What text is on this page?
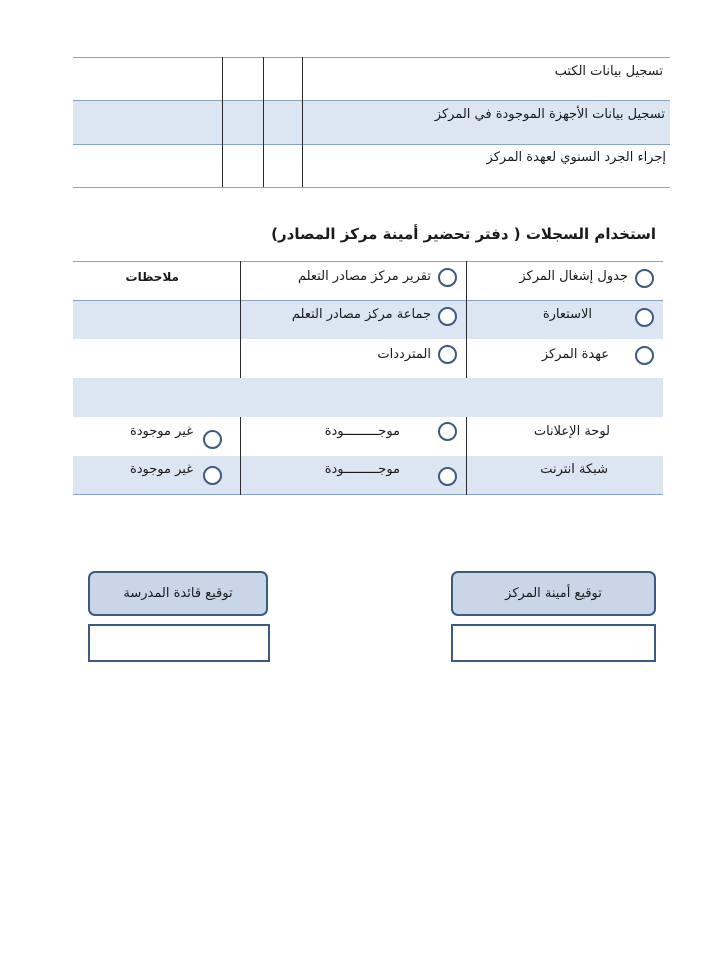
تسجيل بيانات الكتب
تسجيل بيانات الأجهزة الموجودة في المركز
إجراء الجرد السنوي لعهدة المركز
استخدام السجلات ( دفتر تحضير أمينة مركز المصادر)
جدول إشغال المركز
الاستعارة
عهدة المركز
تقرير مركز مصادر التعلم
جماعة مركز مصادر التعلم
المترددات
ملاحظات
لوحة الإعلانات
موجـــــــــودة
غير موجودة
شبكة انترنت
موجـــــــــودة
غير موجودة
توقيع أمينة المركز
توقيع قائدة المدرسة
